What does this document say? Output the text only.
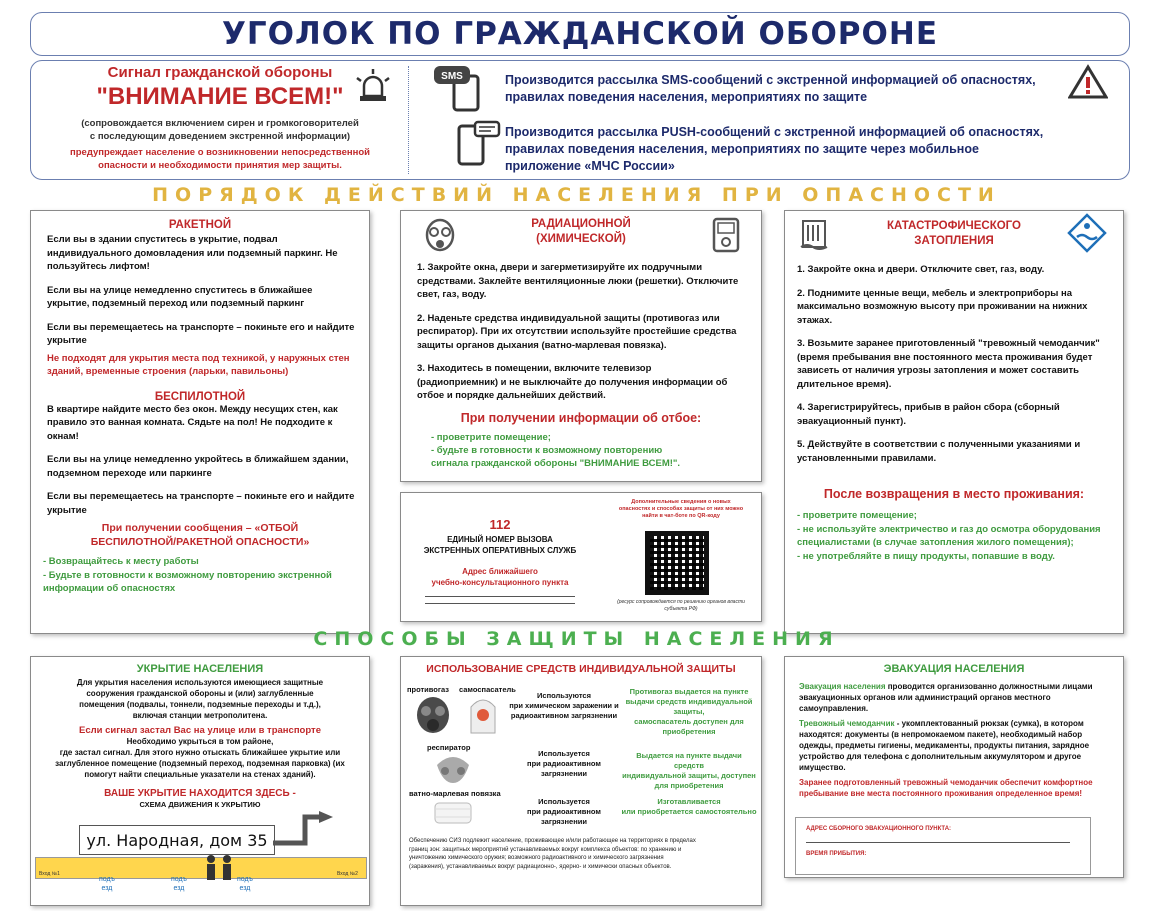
УГОЛОК ПО ГРАЖДАНСКОЙ ОБОРОНЕ
Сигнал гражданской обороны
"ВНИМАНИЕ ВСЕМ!"
(сопровождается включением сирен и громкоговорителей
с последующим доведением экстренной информации)
предупреждает население о возникновении непосредственной
опасности и необходимости принятия мер защиты.
SMS	Производится рассылка SMS-сообщений с экстренной информацией об опасностях,
правилах поведения населения, мероприятиях по защите
Производится рассылка PUSH-сообщений с экстренной информацией об опасностях,
правилах поведения населения, мероприятиях по защите через мобильное
приложение «МЧС России»
ПОРЯДОК ДЕЙСТВИЙ НАСЕЛЕНИЯ ПРИ ОПАСНОСТИ
РАКЕТНОЙ
Если вы в здании спуститесь в укрытие, подвал
индивидуального домовладения или подземный паркинг. Не
пользуйтесь лифтом!

Если вы на улице немедленно спуститесь в ближайшее
укрытие, подземный переход или подземный паркинг

Если вы перемещаетесь на транспорте – покиньте его и найдите
укрытие

Не подходят для укрытия места под техникой, у наружных стен
зданий, временные строения (ларьки, павильоны)
БЕСПИЛОТНОЙ
В квартире найдите место без окон. Между несущих стен, как
правило это ванная комната. Сядьте на пол! Не подходите к
окнам!

Если вы на улице немедленно укройтесь в ближайшем здании,
подземном переходе или паркинге

Если вы перемещаетесь на транспорте – покиньте его и найдите
укрытие
При получении сообщения – «ОТБОЙ
БЕСПИЛОТНОЙ/РАКЕТНОЙ ОПАСНОСТИ»
- Возвращайтесь к месту работы
- Будьте в готовности к возможному повторению экстренной
информации об опасностях
РАДИАЦИОННОЙ
(ХИМИЧЕСКОЙ)
1. Закройте окна, двери и загерметизируйте их подручными
средствами. Заклейте вентиляционные люки (решетки). Отключите
свет, газ, воду.

2. Наденьте средства индивидуальной защиты (противогаз или
респиратор). При их отсутствии используйте простейшие средства
защиты органов дыхания (ватно-марлевая повязка).

3. Находитесь в помещении, включите телевизор
(радиоприемник) и не выключайте до получения информации об
отбое и порядке дальнейших действий.
При получении информации об отбое:
- проветрите помещение;
- будьте в готовности к возможному повторению
сигнала гражданской обороны "ВНИМАНИЕ ВСЕМ!".
КАТАСТРОФИЧЕСКОГО
ЗАТОПЛЕНИЯ
1. Закройте окна и двери. Отключите свет, газ, воду.

2. Поднимите ценные вещи, мебель и электроприборы на
максимально возможную высоту при проживании на нижних
этажах.

3. Возьмите заранее приготовленный "тревожный чемоданчик"
(время пребывания вне постоянного места проживания будет
зависеть от наличия угрозы затопления и может составить
длительное время).

4. Зарегистрируйтесь, прибыв в район сбора (сборный
эвакуационный пункт).

5. Действуйте в соответствии с полученными указаниями и
установленными правилами.
После возвращения в место проживания:
- проветрите помещение;
- не используйте электричество и газ до осмотра оборудования
специалистами (в случае затопления жилого помещения);
- не употребляйте в пищу продукты, попавшие в воду.
112
ЕДИНЫЙ НОМЕР ВЫЗОВА
ЭКСТРЕННЫХ ОПЕРАТИВНЫХ СЛУЖБ
Адрес ближайшего
учебно-консультационного пункта
Дополнительные сведения о новых опасностях и способах защиты от них можно найти в чат-боте по QR-коду
(ресурс сопровождается по решению органов власти субъекта РФ)
СПОСОБЫ ЗАЩИТЫ НАСЕЛЕНИЯ
УКРЫТИЕ НАСЕЛЕНИЯ
Для укрытия населения используются имеющиеся защитные
сооружения гражданской обороны и (или) заглубленные
помещения (подвалы, тоннели, подземные переходы и т.д.),
включая станции метрополитена.
Если сигнал застал Вас на улице или в транспорте
Необходимо укрыться в том районе,
где застал сигнал. Для этого нужно отыскать ближайшее укрытие или
заглубленное помещение (подземный переход, подземная парковка) (их
помогут найти специальные указатели на стенах зданий).
ВАШЕ УКРЫТИЕ НАХОДИТСЯ ЗДЕСЬ -
СХЕМА ДВИЖЕНИЯ К УКРЫТИЮ
Вход №1	Вход №2
ул. Народная, дом 35
подъ
езд
подъ
езд
подъ
езд
ИСПОЛЬЗОВАНИЕ СРЕДСТВ ИНДИВИДУАЛЬНОЙ ЗАЩИТЫ
противогаз самоспасатель
Используются
при химическом заражении и
радиоактивном загрязнении
Противогаз выдается на пункте
выдачи средств индивидуальной
защиты,
самоспасатель доступен для
приобретения
респиратор
Используется
при радиоактивном
загрязнении
Выдается на пункте выдачи средств
индивидуальной защиты, доступен
для приобретения
ватно-марлевая повязка
Используется
при радиоактивном
загрязнении
Изготавливается
или приобретается самостоятельно
Обеспечению СИЗ подлежит население, проживающее и/или работающее на территориях в пределах
границ зон: защитных мероприятий устанавливаемых вокруг комплекса объектов: по хранению и
уничтожению химического оружия; возможного радиоактивного и химического загрязнения
(заражения), устанавливаемых вокруг радиационно-, ядерно- и химически опасных объектов.
ЭВАКУАЦИЯ НАСЕЛЕНИЯ
Эвакуация населения проводится организованно должностными лицами
эвакуационных органов или администраций органов местного
самоуправления.
Тревожный чемоданчик - укомплектованный рюкзак (сумка), в котором
находятся: документы (в непромокаемом пакете), необходимый набор
одежды, предметы гигиены, медикаменты, продукты питания, зарядное
устройство для телефона с дополнительным аккумулятором и другое
имущество.
Заранее подготовленный тревожный чемоданчик обеспечит комфортное
пребывание вне места постоянного проживания определенное время!
АДРЕС СБОРНОГО ЭВАКУАЦИОННОГО ПУНКТА:
ВРЕМЯ ПРИБЫТИЯ:
